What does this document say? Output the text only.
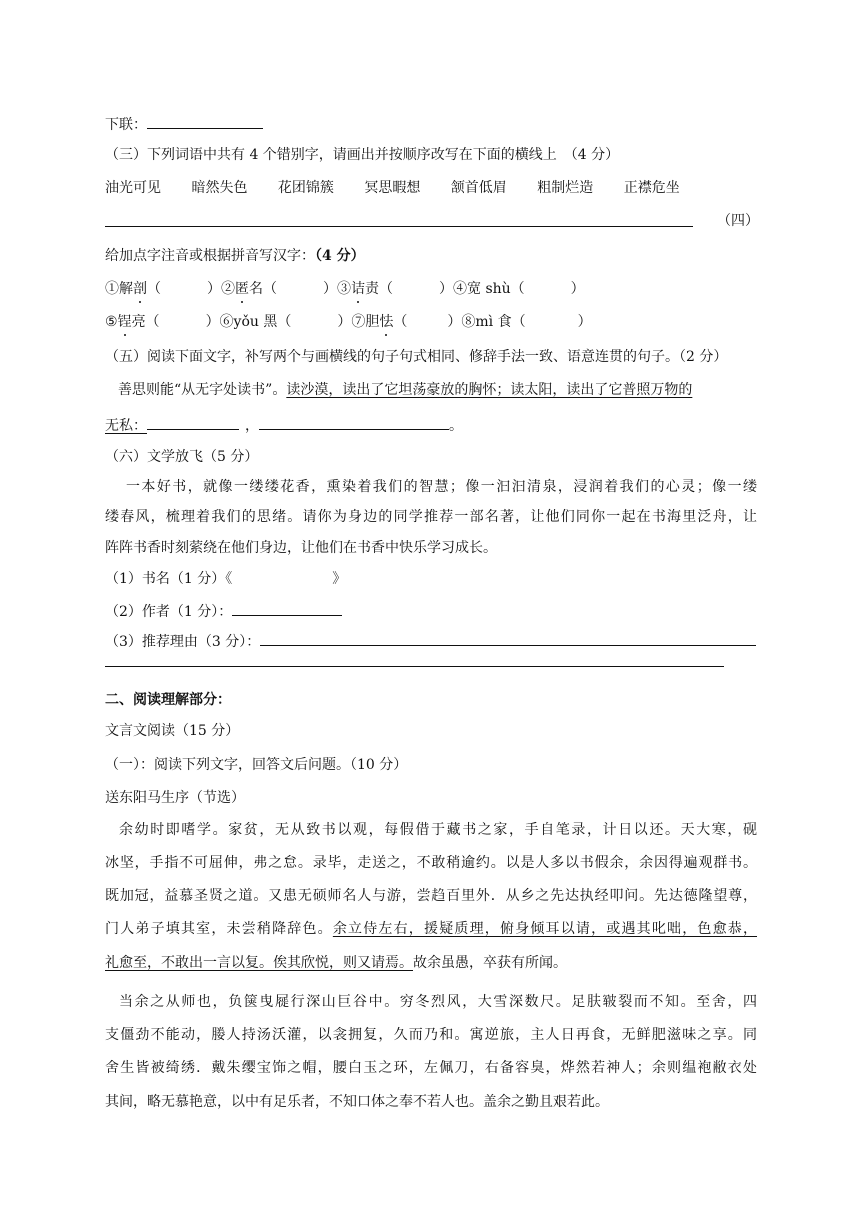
下联：
（三）下列词语中共有 4 个错别字，请画出并按顺序改写在下面的横线上　（4 分）
油光可见 暗然失色 花团锦簇 冥思暇想 颔首低眉 粗制烂造 正襟危坐
（四）
给加点字注音或根据拼音写汉字：（4 分）
①解剖（	）②匿名（	）③诘责（	）④宽 shù（	）
⑤锃亮（	）⑥yǒu 黑（	）⑦胆怯（	）⑧mì 食（	）
（五）阅读下面文字，补写两个与画横线的句子句式相同、修辞手法一致、语意连贯的句子。（2 分）
善思则能“从无字处读书”。读沙漠，读出了它坦荡豪放的胸怀；读太阳，读出了它普照万物的
无私：	，	。
（六）文学放飞（5 分）
一本好书，就像一缕缕花香，熏染着我们的智慧；像一汩汩清泉，浸润着我们的心灵；像一缕
缕春风，梳理着我们的思绪。请你为身边的同学推荐一部名著，让他们同你一起在书海里泛舟，让
阵阵书香时刻萦绕在他们身边，让他们在书香中快乐学习成长。
（1）书名（1 分）《	》
（2）作者（1 分）：
（3）推荐理由（3 分）：
二、阅读理解部分：
文言文阅读（15 分）
（一）：阅读下列文字，回答文后问题。（10 分）
送东阳马生序（节选）
余幼时即嗜学。家贫，无从致书以观，每假借于藏书之家，手自笔录，计日以还。天大寒，砚
冰坚，手指不可屈伸，弗之怠。录毕，走送之，不敢稍逾约。以是人多以书假余，余因得遍观群书。
既加冠，益慕圣贤之道。又患无硕师名人与游，尝趋百里外．从乡之先达执经叩问。先达德隆望尊，
门人弟子填其室，未尝稍降辞色。余立侍左右，援疑质理，俯身倾耳以请，或遇其叱咄，色愈恭，
礼愈至，不敢出一言以复。俟其欣悦，则又请焉。故余虽愚，卒获有所闻。
当余之从师也，负箧曳屣行深山巨谷中。穷冬烈风，大雪深数尺。足肤皲裂而不知。至舍，四
支僵劲不能动，媵人持汤沃灌，以衾拥复，久而乃和。寓逆旅，主人日再食，无鲜肥滋味之享。同
舍生皆被绮绣．戴朱缨宝饰之帽，腰白玉之环，左佩刀，右备容臭，烨然若神人；余则缊袍敝衣处
其间，略无慕艳意，以中有足乐者，不知口体之奉不若人也。盖余之勤且艰若此。
